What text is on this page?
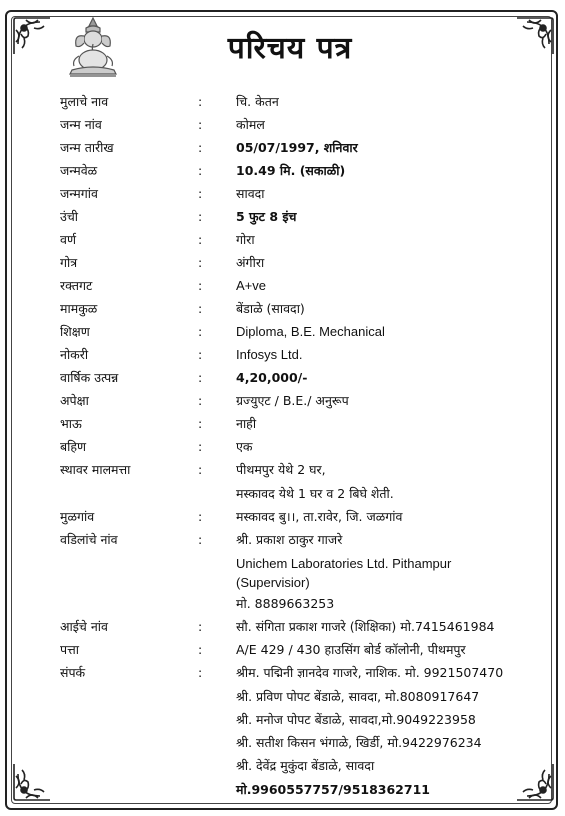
परिचय पत्र
मुलाचे नाव	:	चि. केतन
जन्म नांव	:	कोमल
जन्म तारीख	:	05/07/1997, शनिवार
जन्मवेळ	:	10.49 मि. (सकाळी)
जन्मगांव	:	सावदा
उंची	:	5 फुट 8 इंच
वर्ण	:	गोरा
गोत्र	:	अंगीरा
रक्तगट	:	A+ve
मामकुळ	:	बेंडाळे (सावदा)
शिक्षण	:	Diploma, B.E. Mechanical
नोकरी	:	Infosys Ltd.
वार्षिक उत्पन्न	:	4,20,000/-
अपेक्षा	:	ग्रज्युएट / B.E./ अनुरूप
भाऊ	:	नाही
बहिण	:	एक
स्थावर मालमत्ता	:	पीथमपुर येथे 2 घर,
मस्कावद येथे 1 घर व 2 बिघे शेती.
मुळगांव	:	मस्कावद बु।।, ता.रावेर, जि. जळगांव
वडिलांचे नांव	:	श्री. प्रकाश ठाकुर गाजरे
Unichem Laboratories Ltd. Pithampur
(Supervisior)
मो. 8889663253
आईचे नांव	:	सौ. संगिता प्रकाश गाजरे (शिक्षिका) मो.7415461984
पत्ता	:	A/E 429 / 430 हाउसिंग बोर्ड कॉलोनी, पीथमपुर
संपर्क	:	श्रीम. पद्मिनी ज्ञानदेव गाजरे, नाशिक. मो. 9921507470
श्री. प्रविण पोपट बेंडाळे, सावदा, मो.8080917647
श्री. मनोज पोपट बेंडाळे, सावदा,मो.9049223958
श्री. सतीश किसन भंगाळे, खिर्डी, मो.9422976234
श्री. देवेंद्र मुकुंदा बेंडाळे, सावदा
मो.9960557757/9518362711
